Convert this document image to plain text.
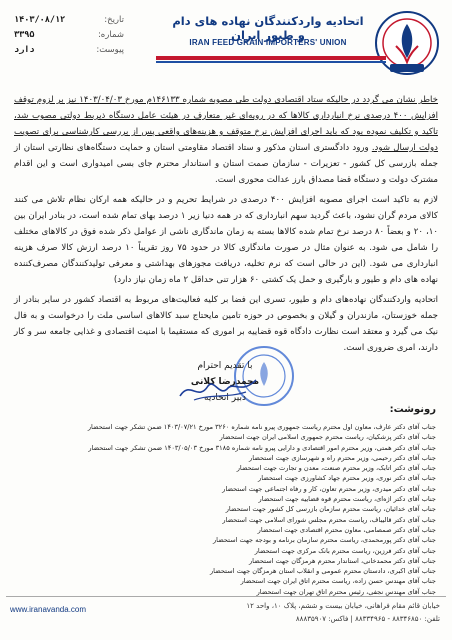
اتحادیه واردکنندگان نهاده های دام و طیور ایران
IRAN FEED GRAIN IMPORTERS' UNION
تاریخ:
۱۴۰۳/۰۸/۱۲
شماره:
۳۳۹۵
پیوست:
دارد

خاطر نشان می گردد در حالیکه ستاد اقتصادی دولت طی مصوبه شماره ۱۴۶۱۳۳م مورخ ۱۴۰۳/۰۴/۰۳ نیز بر لزوم توقف افزایش ۴۰۰ درصدی نرخ انبارداری کالاها که در رویه‌ای غیر متعارف در هیئت عامل دستگاه ذیربط دولتی مصوب شد، تاکید و تکلیف نموده بود که باید اجرای افزایش نرخ متوقف و هزینه‌های واقعی پس از بررسی کارشناسی برای تصویب دولت ارسال شود. ورود دادگستری استان مذکور و ستاد اقتصاد مقاومتی استان و حمایت دستگاه‌های نظارتی استان از جمله بازرسی کل کشور - تعزیرات - سازمان صمت استان و استاندار محترم جای بسی امیدواری است و این اقدام مشترک دولت و دستگاه قضا مصداق بارز عدالت محوری است.

لازم به تاکید است اجرای مصوبه افزایش ۴۰۰ درصدی در شرایط تحریم و در حالیکه همه ارکان نظام تلاش می کنند کالای مردم گران نشود، باعث گردید سهم انبارداری که در همه دنیا زیر ۱ درصد بهای تمام شده است، در بنادر ایران بین ۱۰، ۲۰ و بعضاً ۸۰ درصد نرخ تمام شده کالاها بسته به زمان ماندگاری ناشی از عوامل ذکر شده فوق در کالاهای مختلف را شامل می شود. به عنوان مثال در صورت ماندگاری کالا در حدود ۷۵ روز تقریباً ۱۰ درصد ارزش کالا صرف هزینه انبارداری می شود. (این در حالی است که نرم تخلیه، دریافت مجوزهای بهداشتی و معرفی تولیدکنندگان مصرف‌کننده نهاده های دام و طیور و بارگیری و حمل یک کشتی ۶۰ هزار تنی حداقل ۲ ماه زمان نیاز دارد)

اتحادیه واردکنندگان نهاده‌های دام و طیور، تسری این فضا بر کلیه فعالیت‌های مربوط به اقتصاد کشور در سایر بنادر از جمله خوزستان، مازندران و گیلان و بخصوص در حوزه تامین مایحتاج سبد کالاهای اساسی ملت را درخواست و به فال نیک می گیرد و معتقد است نظارت دادگاه قوه قضاییه بر اموری که مستقیما با امنیت اقتصادی و غذایی جامعه سر و کار دارند، امری ضروری است.

با تقدیم احترام
محمدرضا کلانی
دبیر اتحادیه
رونوشت:
جناب آقای دکتر عارف، معاون اول محترم ریاست جمهوری پیرو نامه شماره ۳۲۶۰ مورخ ۱۴۰۳/۰۷/۲۱ ضمن تشکر جهت استحضار
جناب آقای دکتر پزشکیان، ریاست محترم جمهوری اسلامی ایران جهت استحضار
جناب آقای دکتر همتی، وزیر محترم امور اقتصادی و دارایی پیرو نامه شماره ۳۱۸۵ مورخ ۱۴۰۳/۰۵/۰۳ ضمن تشکر جهت استحضار
جناب آقای دکتر رحیمی، وزیر محترم راه و شهرسازی جهت استحضار
جناب آقای دکتر اتابک، وزیر محترم صنعت، معدن و تجارت جهت استحضار
جناب آقای دکتر نوری، وزیر محترم جهاد کشاورزی جهت استحضار
جناب آقای دکتر میدری، وزیر محترم تعاون، کار و رفاه اجتماعی جهت استحضار
جناب آقای دکتر اژه‌ای، ریاست محترم قوه قضاییه جهت استحضار
جناب آقای خدائیان، ریاست محترم سازمان بازرسی کل کشور جهت استحضار
جناب آقای دکتر قالیباف، ریاست محترم مجلس شورای اسلامی جهت استحضار
جناب آقای دکتر صمصامی، معاون محترم اقتصادی جهت استحضار
جناب آقای دکتر پورمحمدی، ریاست محترم سازمان برنامه و بودجه جهت استحضار
جناب آقای دکتر فرزین، ریاست محترم بانک مرکزی جهت استحضار
جناب آقای دکتر محمدخانی، استاندار محترم هرمزگان جهت استحضار
جناب آقای اکبری، دادستان محترم عمومی و انقلاب استان هرمزگان جهت استحضار
جناب آقای مهندس حسن زاده، ریاست محترم اتاق ایران جهت استحضار
جناب آقای مهندس نجفی، رئیس محترم اتاق تهران جهت استحضار
www.iranavanda.com	خیابان قائم مقام فراهانی، خیابان بیست و ششم، پلاک ۱۰، واحد ۱۲
تلفن: ۸۸۳۴۶۸۵۰ - ۸۸۳۳۴۹۶۵ | فاکس: ۸۸۸۳۵۹۰۷
